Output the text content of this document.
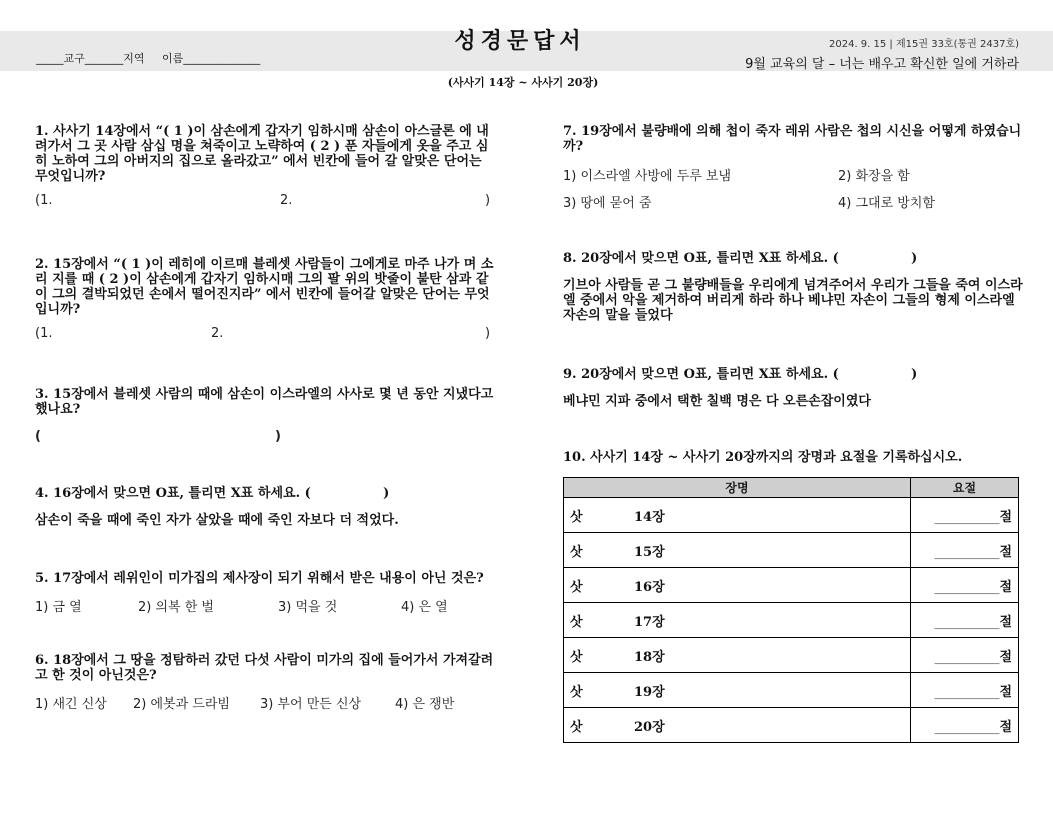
성경문답서
_____교구_______지역     이름______________
2024. 9. 15 | 제15권 33호(통권 2437호)
9월 교육의 달 – 너는 배우고 확신한 일에 거하라
(사사기 14장 ~ 사사기 20장)
1. 사사기 14장에서 “( 1 )이 삼손에게 갑자기 임하시매 삼손이 아스글론 에 내려가서 그 곳 사람 삼십 명을 쳐죽이고 노략하여 ( 2 ) 푼 자들에게 옷을 주고 심히 노하여 그의 아버지의 집으로 올라갔고” 에서 빈칸에 들어 갈 알맞은 단어는 무엇입니까?
(1.	2.	)
2. 15장에서 “( 1 )이 레히에 이르매 블레셋 사람들이 그에게로 마주 나가 며 소리 지를 때 ( 2 )이 삼손에게 갑자기 임하시매 그의 팔 위의 밧줄이 불탄 삼과 같이 그의 결박되었던 손에서 떨어진지라” 에서 빈칸에 들어갈 알맞은 단어는 무엇입니까?
(1.	2.	)
3. 15장에서 블레셋 사람의 때에 삼손이 이스라엘의 사사로 몇 년 동안 지냈다고 했나요?
(	)
4. 16장에서 맞으면 O표, 틀리면 X표 하세요. (                )
삼손이 죽을 때에 죽인 자가 살았을 때에 죽인 자보다 더 적었다.
5. 17장에서 레위인이 미가집의 제사장이 되기 위해서 받은 내용이 아닌 것은?
1) 금 열	2) 의복 한 벌	3) 먹을 것	4) 은 열
6. 18장에서 그 땅을 정탐하러 갔던 다섯 사람이 미가의 집에 들어가서 가져갈려고 한 것이 아닌것은?
1) 새긴 신상 2) 에봇과 드라빔 3) 부어 만든 신상	4) 은 쟁반
7. 19장에서 불량배에 의해 첩이 죽자 레위 사람은 첩의 시신을 어떻게 하였습니까?
1) 이스라엘 사방에 두루 보냄	2) 화장을 함
3) 땅에 묻어 줌	4) 그대로 방치함
8. 20장에서 맞으면 O표, 틀리면 X표 하세요. (                )
기브아 사람들 곧 그 불량배들을 우리에게 넘겨주어서 우리가 그들을 죽여 이스라엘 중에서 악을 제거하여 버리게 하라 하나 베냐민 자손이 그들의 형제 이스라엘 자손의 말을 들었다
9. 20장에서 맞으면 O표, 틀리면 X표 하세요. (                )
베냐민 지파 중에서 택한 칠백 명은 다 오른손잡이였다
10. 사사기 14장 ~ 사사기 20장까지의 장명과 요절을 기록하십시오.
장명	요절
삿 14장	__________절
삿 15장	__________절
삿 16장	__________절
삿 17장	__________절
삿 18장	__________절
삿 19장	__________절
삿 20장	__________절
